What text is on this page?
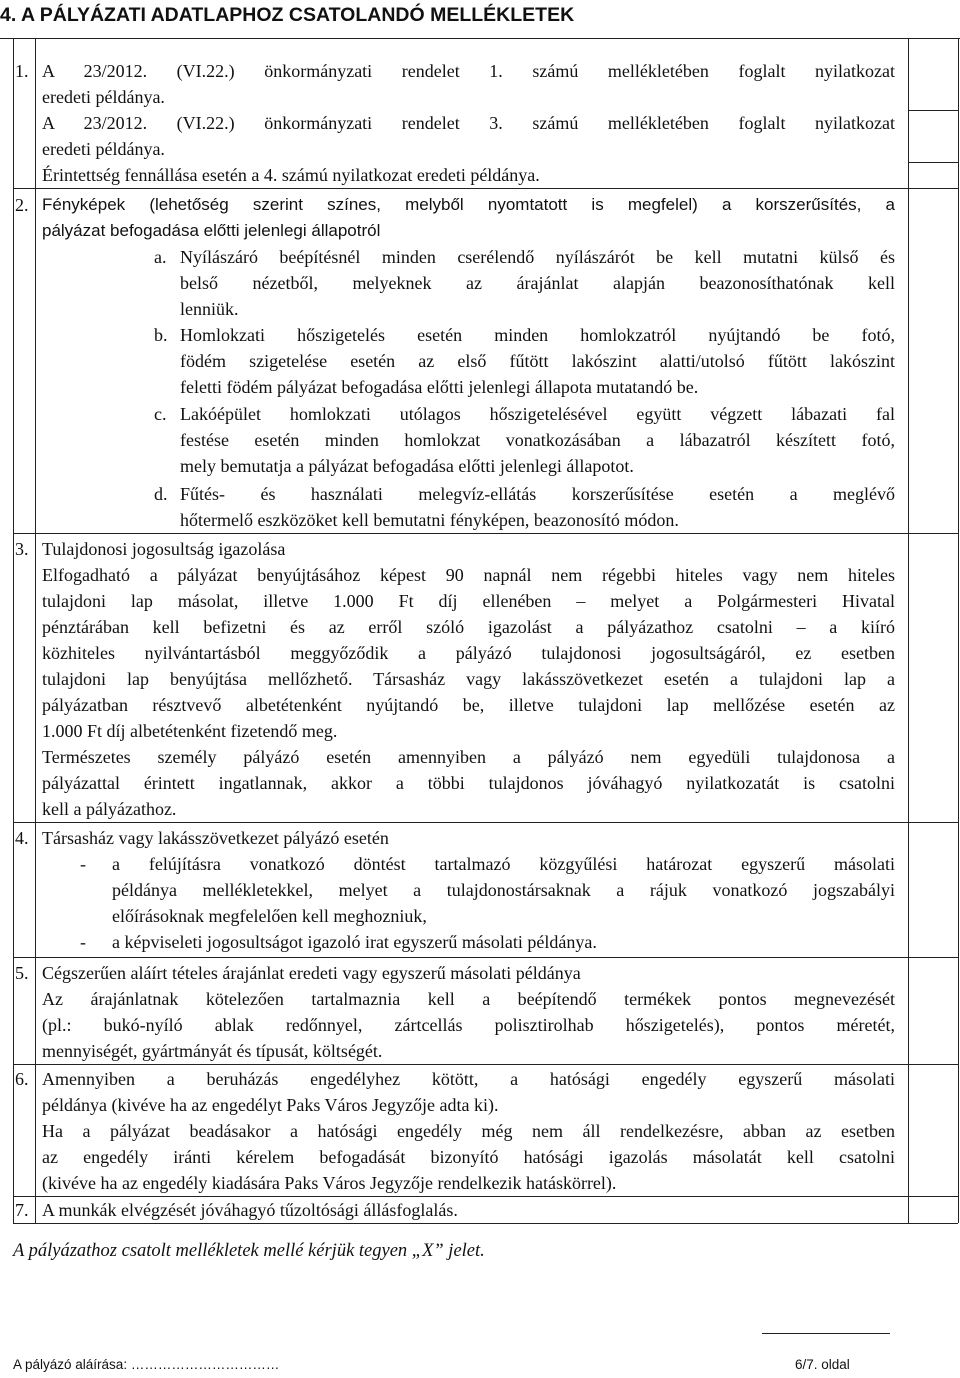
4. A PÁLYÁZATI ADATLAPHOZ CSATOLANDÓ MELLÉKLETEK
1. A 23/2012. (VI.22.) önkormányzati rendelet 1. számú mellékletében foglalt nyilatkozat
eredeti példánya.
A 23/2012. (VI.22.) önkormányzati rendelet 3. számú mellékletében foglalt nyilatkozat
eredeti példánya.
Érintettség fennállása esetén a 4. számú nyilatkozat eredeti példánya.
2. Fényképek (lehetőség szerint színes, melyből nyomtatott is megfelel) a korszerűsítés, a
pályázat befogadása előtti jelenlegi állapotról
a. Nyílászáró beépítésnél minden cserélendő nyílászárót be kell mutatni külső és
belső nézetből, melyeknek az árajánlat alapján beazonosíthatónak kell
lenniük.
b. Homlokzati hőszigetelés esetén minden homlokzatról nyújtandó be fotó,
födém szigetelése esetén az első fűtött lakószint alatti/utolsó fűtött lakószint
feletti födém pályázat befogadása előtti jelenlegi állapota mutatandó be.
c. Lakóépület homlokzati utólagos hőszigetelésével együtt végzett lábazati fal
festése esetén minden homlokzat vonatkozásában a lábazatról készített fotó,
mely bemutatja a pályázat befogadása előtti jelenlegi állapotot.
d. Fűtés- és használati melegvíz-ellátás korszerűsítése esetén a meglévő
hőtermelő eszközöket kell bemutatni fényképen, beazonosító módon.
3. Tulajdonosi jogosultság igazolása
Elfogadható a pályázat benyújtásához képest 90 napnál nem régebbi hiteles vagy nem hiteles
tulajdoni lap másolat, illetve 1.000 Ft díj ellenében – melyet a Polgármesteri Hivatal
pénztárában kell befizetni és az erről szóló igazolást a pályázathoz csatolni – a kiíró
közhiteles nyilvántartásból meggyőződik a pályázó tulajdonosi jogosultságáról, ez esetben
tulajdoni lap benyújtása mellőzhető. Társasház vagy lakásszövetkezet esetén a tulajdoni lap a
pályázatban résztvevő albetétenként nyújtandó be, illetve tulajdoni lap mellőzése esetén az
1.000 Ft díj albetétenként fizetendő meg.
Természetes személy pályázó esetén amennyiben a pályázó nem egyedüli tulajdonosa a
pályázattal érintett ingatlannak, akkor a többi tulajdonos jóváhagyó nyilatkozatát is csatolni
kell a pályázathoz.
4. Társasház vagy lakásszövetkezet pályázó esetén
- a felújításra vonatkozó döntést tartalmazó közgyűlési határozat egyszerű másolati
példánya mellékletekkel, melyet a tulajdonostársaknak a rájuk vonatkozó jogszabályi
előírásoknak megfelelően kell meghozniuk,
- a képviseleti jogosultságot igazoló irat egyszerű másolati példánya.
5. Cégszerűen aláírt tételes árajánlat eredeti vagy egyszerű másolati példánya
Az árajánlatnak kötelezően tartalmaznia kell a beépítendő termékek pontos megnevezését
(pl.: bukó-nyíló ablak redőnnyel, zártcellás polisztirolhab hőszigetelés), pontos méretét,
mennyiségét, gyártmányát és típusát, költségét.
6. Amennyiben a beruházás engedélyhez kötött, a hatósági engedély egyszerű másolati
példánya (kivéve ha az engedélyt Paks Város Jegyzője adta ki).
Ha a pályázat beadásakor a hatósági engedély még nem áll rendelkezésre, abban az esetben
az engedély iránti kérelem befogadását bizonyító hatósági igazolás másolatát kell csatolni
(kivéve ha az engedély kiadására Paks Város Jegyzője rendelkezik hatáskörrel).
7. A munkák elvégzését jóváhagyó tűzoltósági állásfoglalás.
A pályázathoz csatolt mellékletek mellé kérjük tegyen „X” jelet.
A pályázó aláírása: ……………………………	6/7. oldal
